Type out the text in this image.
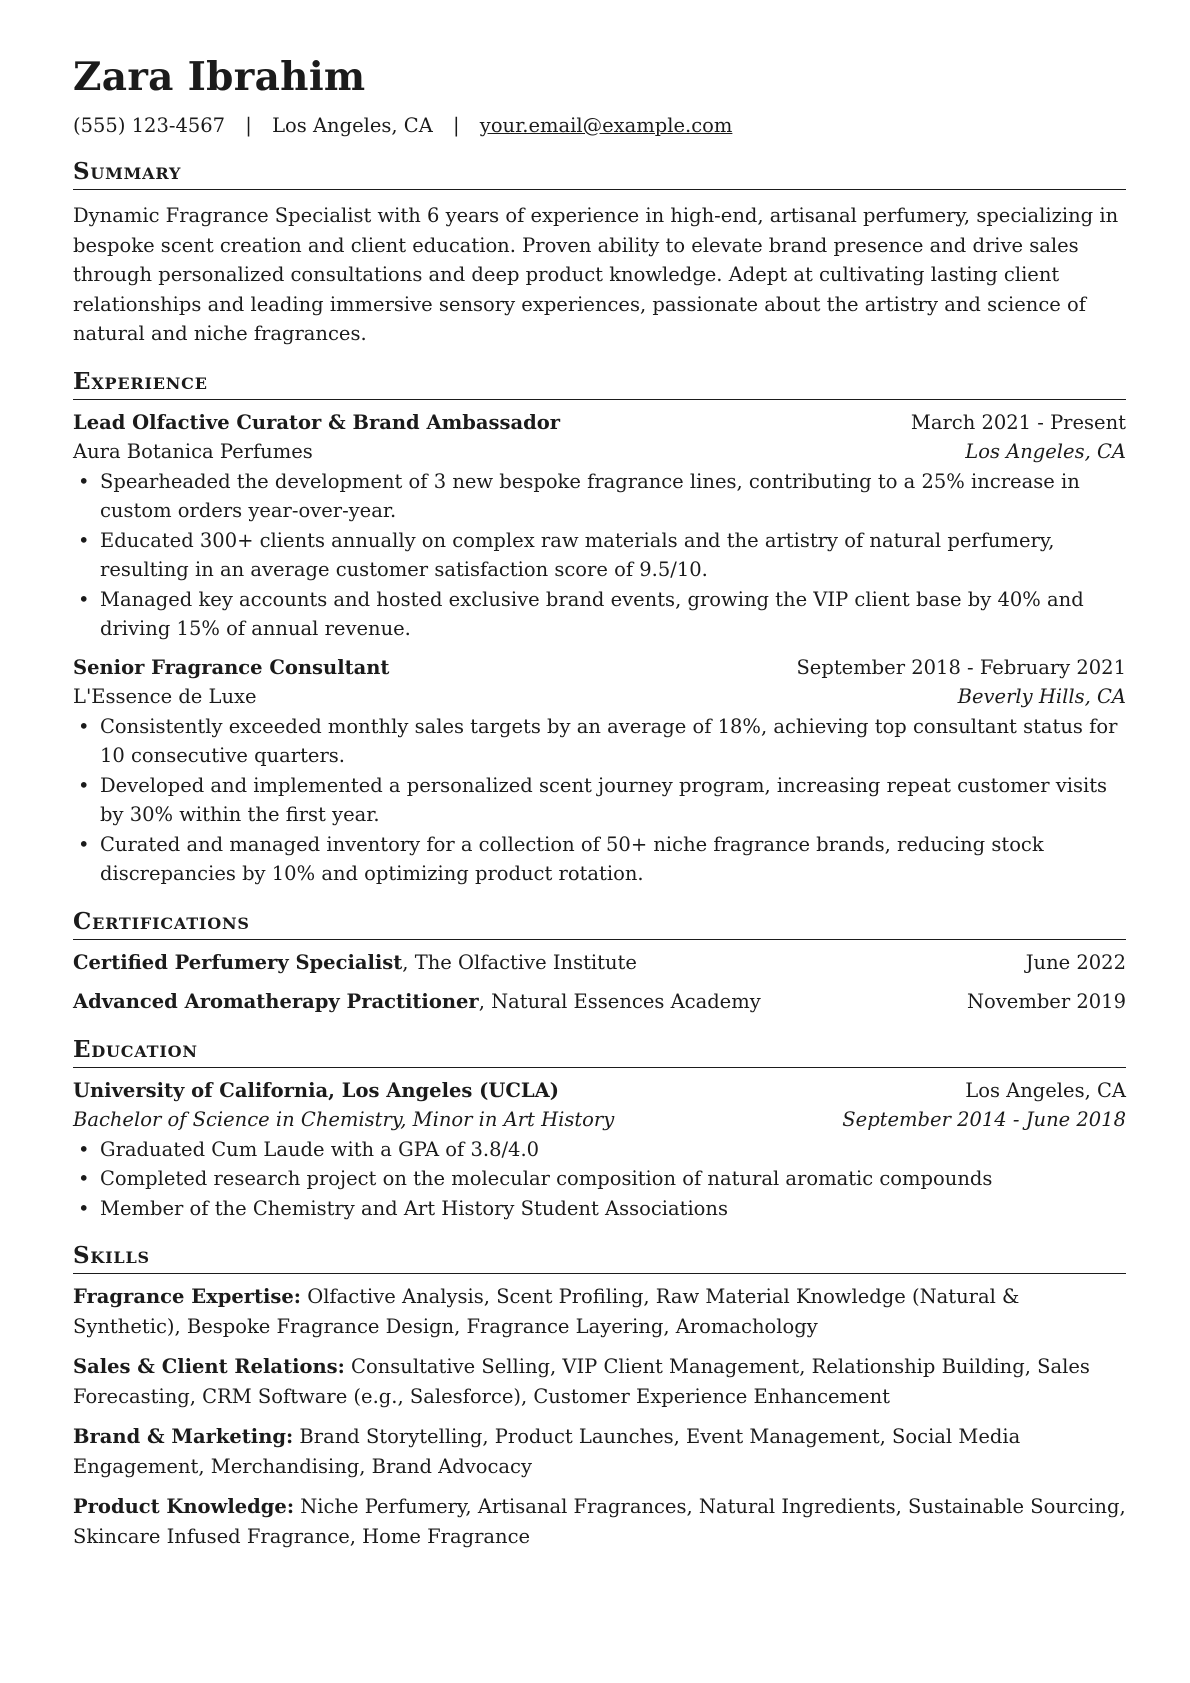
Zara Ibrahim
(555) 123-4567 | Los Angeles, CA | your.email@example.com
Summary
Dynamic Fragrance Specialist with 6 years of experience in high-end, artisanal perfumery, specializing in bespoke scent creation and client education. Proven ability to elevate brand presence and drive sales through personalized consultations and deep product knowledge. Adept at cultivating lasting client relationships and leading immersive sensory experiences, passionate about the artistry and science of natural and niche fragrances.
Experience
Lead Olfactive Curator & Brand Ambassador	March 2021 - Present
Aura Botanica Perfumes	Los Angeles, CA
• Spearheaded the development of 3 new bespoke fragrance lines, contributing to a 25% increase in custom orders year-over-year.
• Educated 300+ clients annually on complex raw materials and the artistry of natural perfumery, resulting in an average customer satisfaction score of 9.5/10.
• Managed key accounts and hosted exclusive brand events, growing the VIP client base by 40% and driving 15% of annual revenue.
Senior Fragrance Consultant	September 2018 - February 2021
L'Essence de Luxe	Beverly Hills, CA
• Consistently exceeded monthly sales targets by an average of 18%, achieving top consultant status for 10 consecutive quarters.
• Developed and implemented a personalized scent journey program, increasing repeat customer visits by 30% within the first year.
• Curated and managed inventory for a collection of 50+ niche fragrance brands, reducing stock discrepancies by 10% and optimizing product rotation.
Certifications
Certified Perfumery Specialist, The Olfactive Institute	June 2022
Advanced Aromatherapy Practitioner, Natural Essences Academy	November 2019
Education
University of California, Los Angeles (UCLA)	Los Angeles, CA
Bachelor of Science in Chemistry, Minor in Art History	September 2014 - June 2018
• Graduated Cum Laude with a GPA of 3.8/4.0
• Completed research project on the molecular composition of natural aromatic compounds
• Member of the Chemistry and Art History Student Associations
Skills
Fragrance Expertise: Olfactive Analysis, Scent Profiling, Raw Material Knowledge (Natural & Synthetic), Bespoke Fragrance Design, Fragrance Layering, Aromachology
Sales & Client Relations: Consultative Selling, VIP Client Management, Relationship Building, Sales Forecasting, CRM Software (e.g., Salesforce), Customer Experience Enhancement
Brand & Marketing: Brand Storytelling, Product Launches, Event Management, Social Media Engagement, Merchandising, Brand Advocacy
Product Knowledge: Niche Perfumery, Artisanal Fragrances, Natural Ingredients, Sustainable Sourcing, Skincare Infused Fragrance, Home Fragrance
